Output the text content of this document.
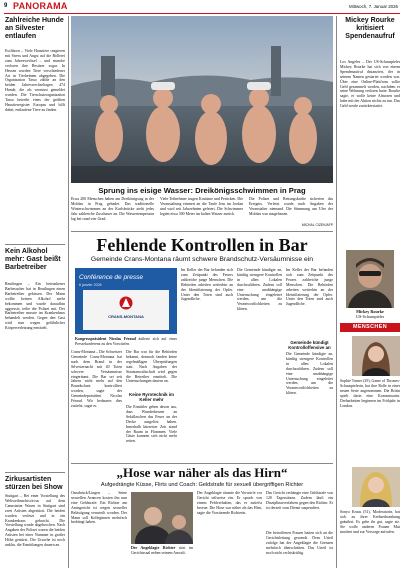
9 PANORAMA	Mittwoch, 7. Januar 2026
Zahlreiche Hunde an Silvester entlaufen
Eschborn – Viele Haustiere reagieren mit Stress und Angst auf die Böllerei zum Jahreswechsel – und manche verloren ihre Besitzer sogar. In Hessen wurden Tiere verschiedener Art in Tierheimen abgegeben. Die Organisation Tasso zählte an den beiden Jahreswechseltagen 474 Hunde, die als vermisst gemeldet wurden. Die Tierschutzorganisation Tasso betreibt eines der größten Haustierregister Europas und hilft dabei, entlaufene Tiere zu finden.
Kein Alkohol mehr: Gast beißt Barbetreiber
Reutlingen – Ein betrunkener Barbesucher hat in Reutlingen einen Barbetreiber gebissen. Der Mann wollte keinen Alkohol mehr bekommen und wurde daraufhin aggressiv, teilte die Polizei mit. Der Barbetreiber musste im Krankenhaus behandelt werden. Gegen den Gast wird nun wegen gefährlicher Körperverletzung ermittelt.
Zirkusartisten stürzen bei Show
Stuttgart – Bei einer Vorstellung des Weltweihnachtscircus auf dem Cannstatter Wasen in Stuttgart sind zwei Artisten abgestürzt. Die beiden wurden verletzt und in ein Krankenhaus gebracht. Die Vorstellung wurde abgebrochen. Nach Angaben der Polizei waren die beiden Artisten bei einer Nummer in großer Höhe gestürzt. Die Ursache ist noch unklar, die Ermittlungen dauern an.
Sprung ins eisige Wasser: Dreikönigsschwimmen in Prag
Etwa 200 Menschen haben am Dreikönigstag in der Moldau in Prag gebadet. Das traditionelle Winterschwimmen an der Karlsbrücke zieht jedes Jahr zahlreiche Zuschauer an. Die Wassertemperatur lag bei rund vier Grad.
Viele Teilnehmer trugen Kostüme und Perücken. Die Veranstaltung erinnert an die Taufe Jesu im Jordan und wird seit Jahrzehnten gefeiert. Die Schwimmer legten etwa 300 Meter im kalten Wasser zurück.
Die Polizei und Rettungskräfte sicherten das Ereignis. Verletzt wurde nach Angaben der Veranstalter niemand. Die Stimmung am Ufer der Moldau war ausgelassen.
MICHAL CIZEK/AFP
Fehlende Kontrollen in Bar
Gemeinde Crans-Montana räumt schwere Brandschutz-Versäumnisse ein
Conférence de presse
6 janvier 2026
CRANS-MONTANA
Kongresspräsident Nicolas Féraud äußerte sich auf einer Pressekonferenz zu den Vorwürfen.
Crans-Montana – Die Schweizer Gemeinde Crans-Montana hat nach dem Brand in der Silvesternacht mit 40 Toten schwere Versäumnisse eingeräumt. Die Bar sei seit Jahren nicht mehr auf den Brandschutz kontrolliert worden, sagte der Gemeindepräsident Nicolas Féraud. Wir bedauern dies zutiefst, sagte er.
Die Bar war für die Behörden bekannt, dennoch fanden keine regelmäßigen Überprüfungen statt. Nach Angaben der Staatsanwaltschaft wird gegen die Betreiber ermittelt. Die Untersuchungen dauern an.
Keine Ryrotechnik im Keller mehr
Die Ermittler gehen davon aus, dass Wunderkerzen an Sektflaschen das Feuer an der Decke ausgelöst haben. Innerhalb kürzester Zeit stand der Raum in Flammen. Viele Gäste konnten sich nicht mehr retten.
Im Keller der Bar befanden sich zum Zeitpunkt des Feuers zahlreiche junge Menschen. Die Behörden arbeiten weiterhin an der Identifizierung der Opfer. Unter den Toten sind auch Jugendliche.
Die Gemeinde kündigte an, künftig strengere Kontrollen in allen Lokalen durchzuführen. Zudem soll eine unabhängige Untersuchung eingeleitet werden, um die Verantwortlichkeiten zu klären.
Im Keller der Bar befanden sich zum Zeitpunkt des Feuers zahlreiche junge Menschen. Die Behörden arbeiten weiterhin an der Identifizierung der Opfer. Unter den Toten sind auch Jugendliche.
Gemeinde kündigt Kontrolloffensive an
Die Gemeinde kündigte an, künftig strengere Kontrollen in allen Lokalen durchzuführen. Zudem soll eine unabhängige Untersuchung eingeleitet werden, um die Verantwortlichkeiten zu klären.
„Hose war näher als das Hirn“
Aufgedrängte Küsse, Flirts und Coach: Geldstrafe für sexuell übergriffigen Richter
Osnabrück/Lingen – Seine sexuellen Avancen kosten ihn nun eine Geldstrafe: Ein Richter am Amtsgericht ist wegen sexueller Belästigung verurteilt worden. Der Mann soll Kolleginnen mehrfach bedrängt haben.
Der Angeklagte Richter sitzt im Gerichtssaal neben seinem Anwalt.
Der Angeklagte räumte die Vorwürfe vor Gericht teilweise ein. Er sprach von einem Fehlverhalten, das er zutiefst bereue. Die Hose war näher als das Hirn, sagte die Vorsitzende Richterin.
Das Gericht verhängte eine Geldstrafe von 120 Tagessätzen. Zudem läuft ein Disziplinarverfahren gegen den Richter. Er ist derzeit vom Dienst suspendiert.
Die betroffenen Frauen hatten sich an die Gerichtsleitung gewandt. Dem Urteil zufolge hat der Angeklagte die Grenzen mehrfach überschritten. Das Urteil ist noch nicht rechtskräftig.
Mickey Rourke kritisiert Spendenaufruf
Los Angeles – Der US-Schauspieler Mickey Rourke hat sich von einem Spendenaufruf distanziert, der in seinem Namen gestartet worden war. Über eine Online-Plattform sollte Geld gesammelt werden, nachdem er seine Wohnung verloren hatte. Rourke sagte, er wolle keine Almosen und habe mit der Aktion nichts zu tun. Das Geld werde zurückerstattet.
Mickey Rourke
US-Schauspieler
MENSCHEN
Sophie Turner (29), Game of Thrones-Schauspielerin, hat ihre Rolle in einer neuen Serie angenommen. Die Britin spielt darin eine Kommissarin. Dreharbeiten beginnen im Frühjahr in London.
Sonya Kraus (51), Moderatorin, hat sich zu ihrer Krebserkrankung geäußert. Es gehe ihr gut, sagte sie. Sie wolle anderen Frauen Mut machen und zur Vorsorge aufrufen.
